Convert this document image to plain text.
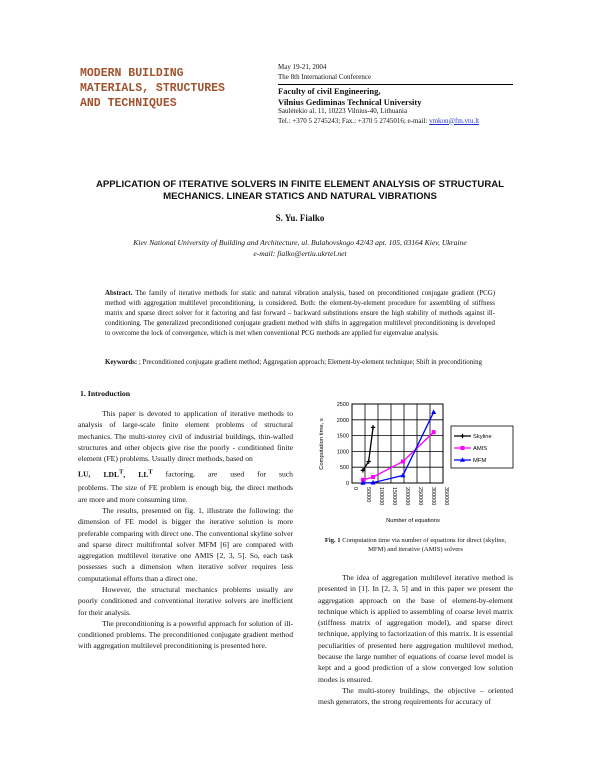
MODERN BUILDING
MATERIALS, STRUCTURES
AND TECHNIQUES
May 19-21, 2004
The 8th International Conference
Faculty of civil Engineering,
Vilnius Gediminas Technical University
Saulėtekio al. 11, 10223 Vilnius-40, Lithuania
Tel.: +370 5 2745243; Fax.: +370 5 2745016; e-mail: vmkon@fm.vtu.lt
APPLICATION OF ITERATIVE SOLVERS IN FINITE ELEMENT ANALYSIS OF STRUCTURAL MECHANICS. LINEAR STATICS AND NATURAL VIBRATIONS
S. Yu. Fialko
Kiev National University of Building and Architecture, ul. Bulahovskogo 42/43 apt. 105, 03164 Kiev, Ukraine
e-mail: fialko@ertiu.ukrtel.net
Abstract. The family of iterative methods for static and natural vibration analysis, based on preconditioned conjugate gradient (PCG) method with aggregation multilevel preconditioning, is considered. Both: the element-by-element procedure for assembling of stiffness matrix and sparse direct solver for it factoring and fast forward – backward substitutions ensure the high stability of methods against ill-conditioning. The generalized preconditioned conjugate gradient method with shifts in aggregation multilevel preconditioning is developed to overcome the lock of convergence, which is met when conventional PCG methods are applied for eigenvalue analysis.
Keywords: ; Preconditioned conjugate gradient method; Aggregation approach; Element-by-element technique; Shift in preconditioning
1. Introduction

This paper is devoted to application of iterative methods to analysis of large-scale finite element problems of structural mechanics. The multi-storey civil of industrial buildings, thin-walled structures and other objects give rise the poorly - conditioned finite element (FE) problems. Usually direct methods, based on

LU, $LDL^T$, $LL^T$ factoring, are used for such

problems. The size of FE problem is enough big, the direct methods are more and more consuming time.

The results, presented on fig. 1, illustrate the following: the dimension of FE model is bigger the iterative solution is more preferable comparing with direct one. The conventional skyline solver and sparse direct multifrontal solver MFM [6] are compared with aggregation multilevel iterative one AMIS [2, 3, 5]. So, each task possesses such a dimension when iterative solver requires less computational efforts than a direct one.

However, the structural mechanics problems usually are poorly conditioned and conventional iterative solvers are inefficient for their analysis.

The preconditioning is a powerful approach for solution of ill-conditioned problems. The preconditioned conjugate gradient method with aggregation multilevel preconditioning is presented here.

0 50000 100000 150000 200000 250000 300000 350000
0
500
1000
1500
2000
2500
Number of equations
Computation time, s	Skyline
AMIS
MFM
Fig. 1 Computation time via number of equations for direct (skyline, MFM) and iterative (AMIS) solvers

The idea of aggregation multilevel iterative method is presented in [1]. In [2, 3, 5] and in this paper we present the aggregation approach on the base of element-by-element technique which is applied to assembling of coarse level matrix (stiffness matrix of aggregation model), and sparse direct technique, applying to factorization of this matrix. It is essential peculiarities of presented here aggregation multilevel method, because the large number of equations of coarse level model is kept and a good prediction of a slow converged low solution modes is ensured.

The multi-storey buildings, the objective – oriented mesh generators, the strong requirements for accuracy of
